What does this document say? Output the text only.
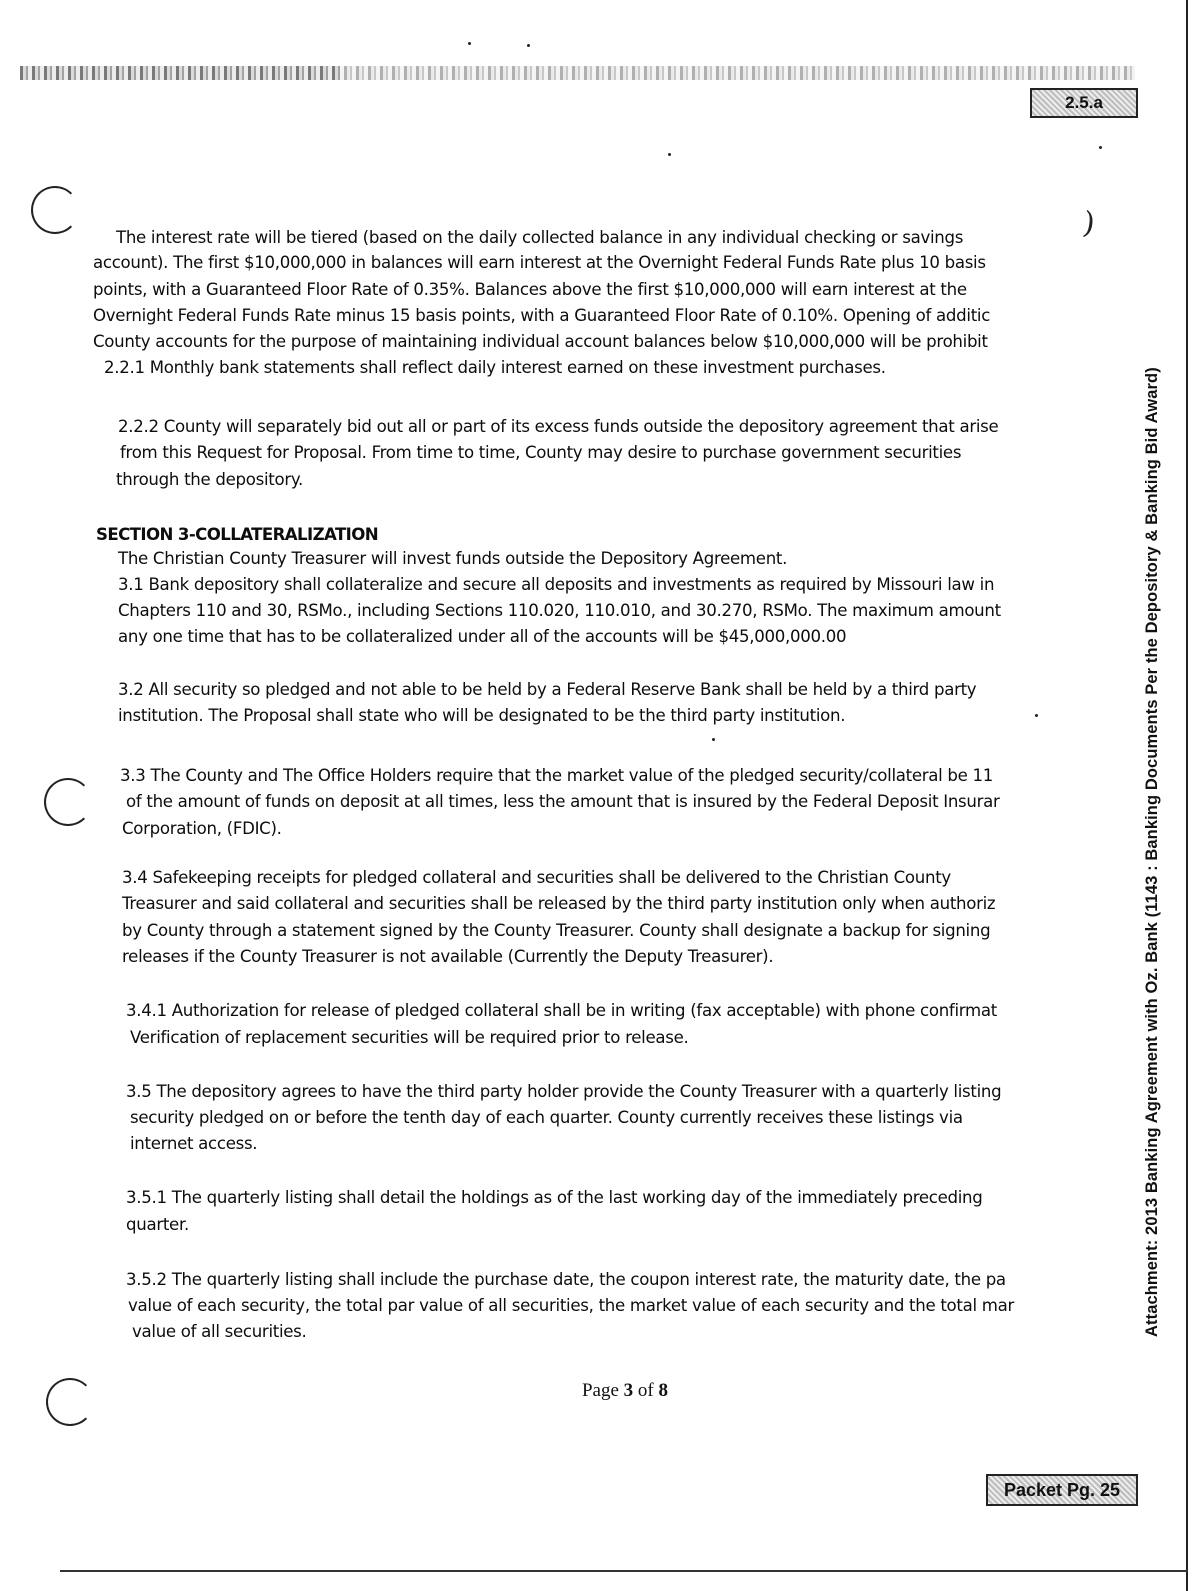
2.5.a
)
Attachment: 2013 Banking Agreement with Oz. Bank (1143 : Banking Documents Per the Depository & Banking Bid Award)
The interest rate will be tiered (based on the daily collected balance in any individual checking or savings
account). The first $10,000,000 in balances will earn interest at the Overnight Federal Funds Rate plus 10 basis
points, with a Guaranteed Floor Rate of 0.35%. Balances above the first $10,000,000 will earn interest at the
Overnight Federal Funds Rate minus 15 basis points, with a Guaranteed Floor Rate of 0.10%. Opening of additic
County accounts for the purpose of maintaining individual account balances below $10,000,000 will be prohibit
2.2.1 Monthly bank statements shall reflect daily interest earned on these investment purchases.
2.2.2 County will separately bid out all or part of its excess funds outside the depository agreement that arise
from this Request for Proposal. From time to time, County may desire to purchase government securities
through the depository.
SECTION 3-COLLATERALIZATION
The Christian County Treasurer will invest funds outside the Depository Agreement.
3.1 Bank depository shall collateralize and secure all deposits and investments as required by Missouri law in
Chapters 110 and 30, RSMo., including Sections 110.020, 110.010, and 30.270, RSMo. The maximum amount
any one time that has to be collateralized under all of the accounts will be $45,000,000.00
3.2 All security so pledged and not able to be held by a Federal Reserve Bank shall be held by a third party
institution. The Proposal shall state who will be designated to be the third party institution.
3.3 The County and The Office Holders require that the market value of the pledged security/collateral be 11
of the amount of funds on deposit at all times, less the amount that is insured by the Federal Deposit Insurar
Corporation, (FDIC).
3.4 Safekeeping receipts for pledged collateral and securities shall be delivered to the Christian County
Treasurer and said collateral and securities shall be released by the third party institution only when authoriz
by County through a statement signed by the County Treasurer. County shall designate a backup for signing
releases if the County Treasurer is not available (Currently the Deputy Treasurer).
3.4.1 Authorization for release of pledged collateral shall be in writing (fax acceptable) with phone confirmat
Verification of replacement securities will be required prior to release.
3.5 The depository agrees to have the third party holder provide the County Treasurer with a quarterly listing
security pledged on or before the tenth day of each quarter. County currently receives these listings via
internet access.
3.5.1 The quarterly listing shall detail the holdings as of the last working day of the immediately preceding
quarter.
3.5.2 The quarterly listing shall include the purchase date, the coupon interest rate, the maturity date, the pa
value of each security, the total par value of all securities, the market value of each security and the total mar
value of all securities.
Page 3 of 8
Packet Pg. 25
